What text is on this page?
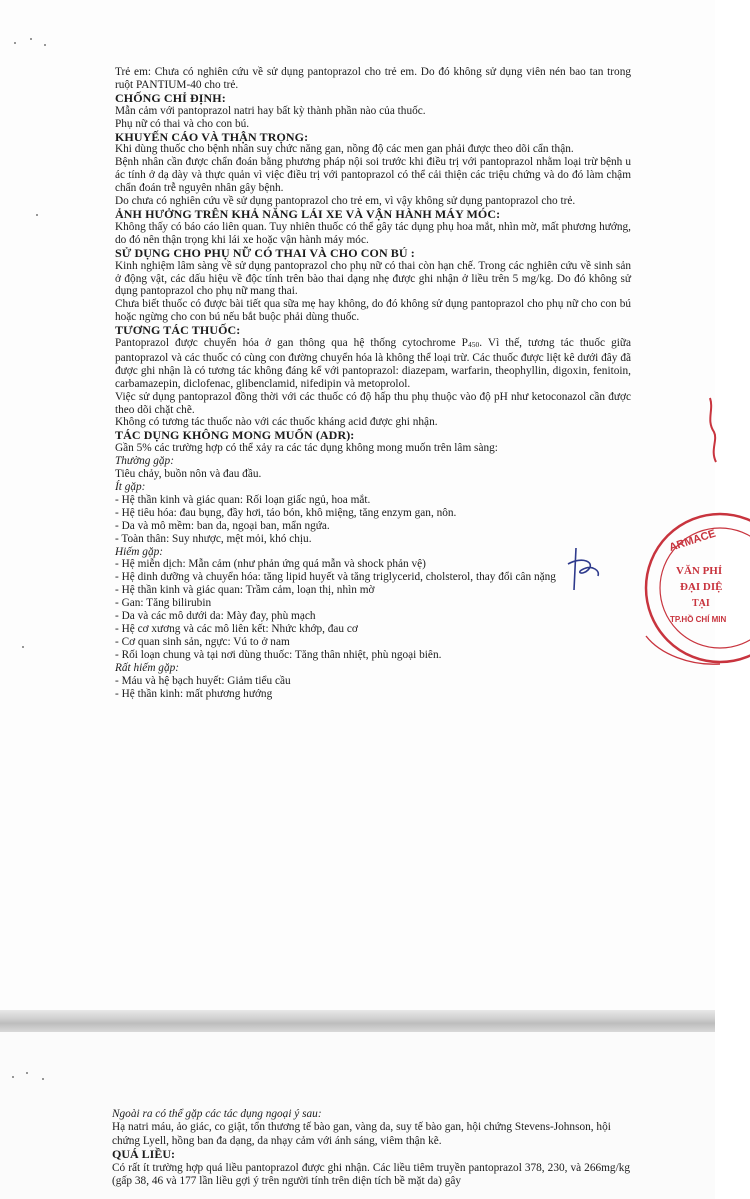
Trẻ em: Chưa có nghiên cứu về sử dụng pantoprazol cho trẻ em. Do đó không sử dụng viên nén bao tan trong ruột PANTIUM-40 cho trẻ.

CHỐNG CHỈ ĐỊNH:

Mẫn cảm với pantoprazol natri hay bất kỳ thành phần nào của thuốc.

Phụ nữ có thai và cho con bú.

KHUYẾN CÁO VÀ THẬN TRỌNG:

Khi dùng thuốc cho bệnh nhân suy chức năng gan, nồng độ các men gan phải được theo dõi cẩn thận.

Bệnh nhân cần được chẩn đoán bằng phương pháp nội soi trước khi điều trị với pantoprazol nhằm loại trừ bệnh u ác tính ở dạ dày và thực quản vì việc điều trị với pantoprazol có thể cải thiện các triệu chứng và do đó làm chậm chẩn đoán trễ nguyên nhân gây bệnh.

Do chưa có nghiên cứu về sử dụng pantoprazol cho trẻ em, vì vậy không sử dụng pantoprazol cho trẻ.

ẢNH HƯỞNG TRÊN KHẢ NĂNG LÁI XE VÀ VẬN HÀNH MÁY MÓC:

Không thấy có báo cáo liên quan. Tuy nhiên thuốc có thể gây tác dụng phụ hoa mắt, nhìn mờ, mất phương hướng, do đó nên thận trọng khi lái xe hoặc vận hành máy móc.

SỬ DỤNG CHO PHỤ NỮ CÓ THAI VÀ CHO CON BÚ :

Kinh nghiệm lâm sàng về sử dụng pantoprazol cho phụ nữ có thai còn hạn chế. Trong các nghiên cứu về sinh sản ở động vật, các dấu hiệu về độc tính trên bào thai dạng nhẹ được ghi nhận ở liều trên 5 mg/kg. Do đó không sử dụng pantoprazol cho phụ nữ mang thai.

Chưa biết thuốc có được bài tiết qua sữa mẹ hay không, do đó không sử dụng pantoprazol cho phụ nữ cho con bú hoặc ngừng cho con bú nếu bắt buộc phải dùng thuốc.

TƯƠNG TÁC THUỐC:

Pantoprazol được chuyển hóa ở gan thông qua hệ thống cytochrome P450. Vì thế, tương tác thuốc giữa pantoprazol và các thuốc có cùng con đường chuyển hóa là không thể loại trừ. Các thuốc được liệt kê dưới đây đã được ghi nhận là có tương tác không đáng kể với pantoprazol: diazepam, warfarin, theophyllin, digoxin, fenitoin, carbamazepin, diclofenac, glibenclamid, nifedipin và metoprolol.

Việc sử dụng pantoprazol đồng thời với các thuốc có độ hấp thu phụ thuộc vào độ pH như ketoconazol cần được theo dõi chặt chẽ.

Không có tương tác thuốc nào với các thuốc kháng acid được ghi nhận.

TÁC DỤNG KHÔNG MONG MUỐN (ADR):

Gần 5% các trường hợp có thể xảy ra các tác dụng không mong muốn trên lâm sàng:

Thường gặp:

Tiêu chảy, buồn nôn và đau đầu.

Ít gặp:

- Hệ thần kinh và giác quan: Rối loạn giấc ngủ, hoa mắt.

- Hệ tiêu hóa: đau bụng, đầy hơi, táo bón, khô miệng, tăng enzym gan, nôn.

- Da và mô mềm: ban da, ngoại ban, mẩn ngứa.

- Toàn thân: Suy nhược, mệt mỏi, khó chịu.

Hiếm gặp:

- Hệ miễn dịch: Mẫn cảm (như phản ứng quá mẫn và shock phản vệ)

- Hệ dinh dưỡng và chuyển hóa: tăng lipid huyết và tăng triglycerid, cholsterol, thay đổi cân nặng

- Hệ thần kinh và giác quan: Trầm cảm, loạn thị, nhìn mờ

- Gan: Tăng bilirubin

- Da và các mô dưới da: Mày đay, phù mạch

- Hệ cơ xương và các mô liên kết: Nhức khớp, đau cơ

- Cơ quan sinh sản, ngực: Vú to ở nam

- Rối loạn chung và tại nơi dùng thuốc: Tăng thân nhiệt, phù ngoại biên.

Rất hiếm gặp:

- Máu và hệ bạch huyết: Giảm tiểu cầu

- Hệ thần kinh: mất phương hướng

ARMACE
VĂN PHỈ
ĐẠI DIỆ
TẠI
TP.HỒ CHÍ MIN

Ngoài ra có thể gặp các tác dụng ngoại ý sau:

Hạ natri máu, ảo giác, co giật, tổn thương tế bào gan, vàng da, suy tế bào gan, hội chứng Stevens-Johnson, hội chứng Lyell, hồng ban đa dạng, da nhạy cảm với ánh sáng, viêm thận kẽ.

QUÁ LIỀU:

Có rất ít trường hợp quá liều pantoprazol được ghi nhận. Các liều tiêm truyền pantoprazol 378, 230, và 266mg/kg (gấp 38, 46 và 177 lần liều gợi ý trên người tính trên diện tích bề mặt da) gây
